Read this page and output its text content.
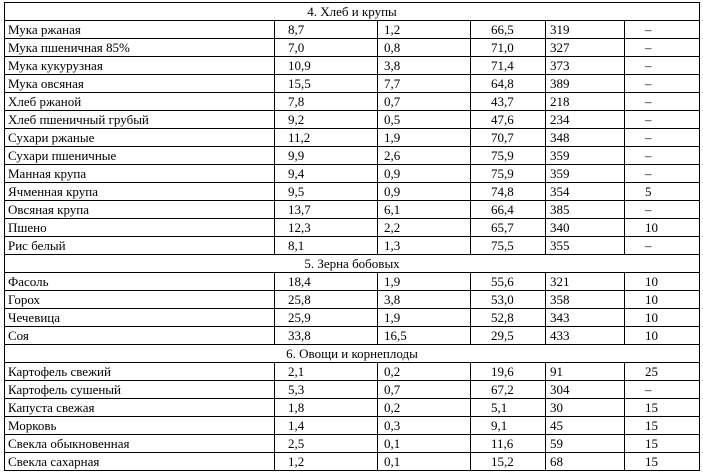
4. Хлеб и крупы					
Мука ржаная	8,7	1,2	66,5	319	–
Мука пшеничная 85%	7,0	0,8	71,0	327	–
Мука кукурузная	10,9	3,8	71,4	373	–
Мука овсяная	15,5	7,7	64,8	389	–
Хлеб ржаной	7,8	0,7	43,7	218	–
Хлеб пшеничный грубый	9,2	0,5	47,6	234	–
Сухари ржаные	11,2	1,9	70,7	348	–
Сухари пшеничные	9,9	2,6	75,9	359	–
Манная крупа	9,4	0,9	75,9	359	–
Ячменная крупа	9,5	0,9	74,8	354	5
Овсяная крупа	13,7	6,1	66,4	385	–
Пшено	12,3	2,2	65,7	340	10
Рис белый	8,1	1,3	75,5	355	–
5. Зерна бобовых					
Фасоль	18,4	1,9	55,6	321	10
Горох	25,8	3,8	53,0	358	10
Чечевица	25,9	1,9	52,8	343	10
Соя	33,8	16,5	29,5	433	10
6. Овощи и корнеплоды					
Картофель свежий	2,1	0,2	19,6	91	25
Картофель сушеный	5,3	0,7	67,2	304	–
Капуста свежая	1,8	0,2	5,1	30	15
Морковь	1,4	0,3	9,1	45	15
Свекла обыкновенная	2,5	0,1	11,6	59	15
Свекла сахарная	1,2	0,1	15,2	68	15
